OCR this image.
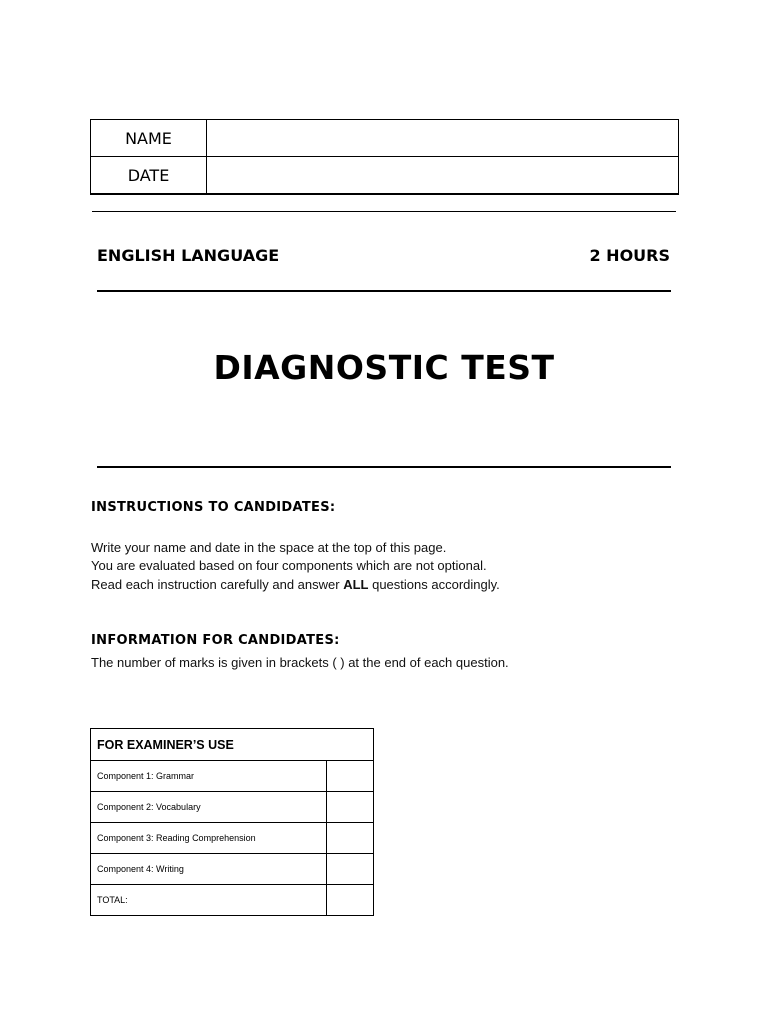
NAME	
DATE	
ENGLISH LANGUAGE	2 HOURS
DIAGNOSTIC TEST
INSTRUCTIONS TO CANDIDATES:
Write your name and date in the space at the top of this page.
You are evaluated based on four components which are not optional.
Read each instruction carefully and answer ALL questions accordingly.
INFORMATION FOR CANDIDATES:
The number of marks is given in brackets ( ) at the end of each question.
FOR EXAMINER’S USE	
Component 1: Grammar	
Component 2: Vocabulary	
Component 3: Reading Comprehension	
Component 4: Writing	
TOTAL:	
